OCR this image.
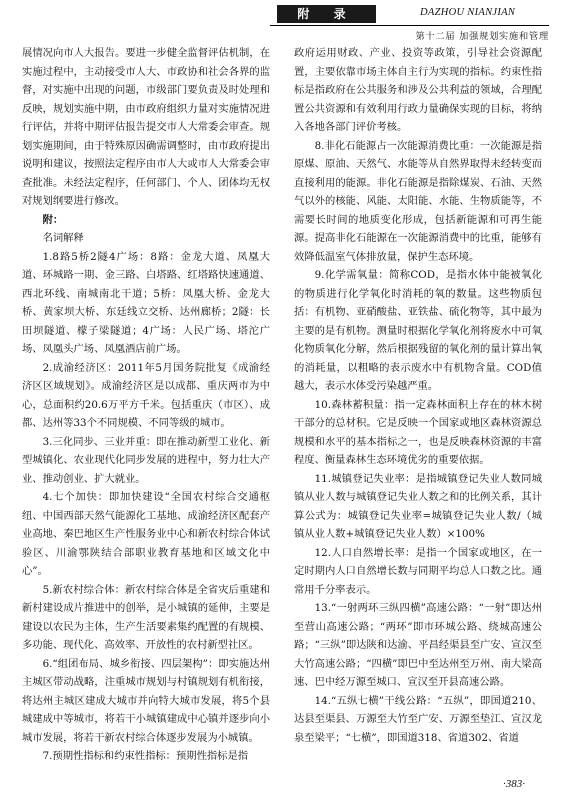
附 录	DAZHOU NIANJIAN
第十二届 加强规划实施和管理

展情况向市人大报告。要进一步健全监督评估机制，在实施过程中，主动接受市人大、市政协和社会各界的监督，对实施中出现的问题，市级部门要负责及时处理和反映，规划实施中期，由市政府组织力量对实施情况进行评估，并将中期评估报告提交市人大常委会审查。规划实施期间，由于特殊原因确需调整时，由市政府提出说明和建议，按照法定程序由市人大或市人大常委会审查批准。未经法定程序，任何部门、个人、团体均无权对规划纲要进行修改。

附：

名词解释

1.8路5桥2隧4广场：8路：金龙大道、凤凰大道、环城路一期、金三路、白塔路、红塔路快速通道、西北环线、南城南北干道；5桥：凤凰大桥、金龙大桥、黄家坝大桥、东廷线立交桥、达州廊桥；2隧：长田坝隧道、檬子梁隧道；4广场：人民广场、塔沱广场、凤凰头广场、凤凰酒店前广场。

2.成渝经济区：2011年5月国务院批复《成渝经济区区域规划》。成渝经济区是以成都、重庆两市为中心，总面积约20.6万平方千米。包括重庆（市区）、成都、达州等33个不同规模、不同等级的城市。

3.三化同步、三业并重：即在推动新型工业化、新型城镇化、农业现代化同步发展的进程中，努力壮大产业、推动创业、扩大就业。

4.七个加快：即加快建设“全国农村综合交通枢纽、中国西部天然气能源化工基地、成渝经济区配套产业高地、秦巴地区生产性服务业中心和新农村综合体试验区、川渝鄂陕结合部职业教育基地和区域文化中心”。

5.新农村综合体：新农村综合体是全省灾后重建和新村建设成片推进中的创举，是小城镇的延伸，主要是建设以农民为主体，生产生活要素集约配置的有规模、多功能、现代化、高效率、开放性的农村新型社区。

6.“组团布局、城乡衔接、四层架构”：即实施达州主城区带动战略，注重城市规划与村镇规划有机衔接，将达州主城区建成大城市并向特大城市发展，将5个县城建成中等城市，将若干小城镇建成中心镇并逐步向小城市发展，将若干新农村综合体逐步发展为小城镇。

7.预期性指标和约束性指标：预期性指标是指

政府运用财政、产业、投资等政策，引导社会资源配置，主要依靠市场主体自主行为实现的指标。约束性指标是指政府在公共服务和涉及公共利益的领域，合理配置公共资源和有效利用行政力量确保实现的目标，将纳入各地各部门评价考核。

8.非化石能源占一次能源消费比重：一次能源是指原煤、原油、天然气、水能等从自然界取得未经转变而直接利用的能源。非化石能源是指除煤炭、石油、天然气以外的核能、风能、太阳能、水能、生物质能等，不需要长时间的地质变化形成，包括新能源和可再生能源。提高非化石能源在一次能源消费中的比重，能够有效降低温室气体排放量，保护生态环境。

9.化学需氧量：简称COD，是指水体中能被氧化的物质进行化学氧化时消耗的氧的数量。这些物质包括：有机物、亚硝酸盐、亚铁盐、硫化物等，其中最为主要的是有机物。测量时根据化学氧化剂将废水中可氧化物质氧化分解，然后根据残留的氧化剂的量计算出氧的消耗量，以粗略的表示废水中有机物含量。COD值越大，表示水体受污染越严重。

10.森林蓄积量：指一定森林面积上存在的林木树干部分的总材积。它是反映一个国家或地区森林资源总规模和水平的基本指标之一，也是反映森林资源的丰富程度、衡量森林生态环境优劣的重要依据。

11.城镇登记失业率：是指城镇登记失业人数同城镇从业人数与城镇登记失业人数之和的比例关系，其计算公式为：城镇登记失业率=城镇登记失业人数/（城镇从业人数+城镇登记失业人数）×100%

12.人口自然增长率：是指一个国家或地区，在一定时期内人口自然增长数与同期平均总人口数之比。通常用千分率表示。

13.“一射两环三纵四横”高速公路：“一射”即达州至营山高速公路；“两环”即市环城公路、绕城高速公路；“三纵”即达陕和达渝、平昌经渠县至广安、宣汉至大竹高速公路；“四横”即巴中至达州至万州、南大梁高速、巴中经万源至城口、宣汉至开县高速公路。

14.“五纵七横”干线公路：“五纵”，即国道210、达县至渠县、万源至大竹至广安、万源至垫江、宣汉龙泉至梁平；“七横”，即国道318、省道302、省道

·383·
